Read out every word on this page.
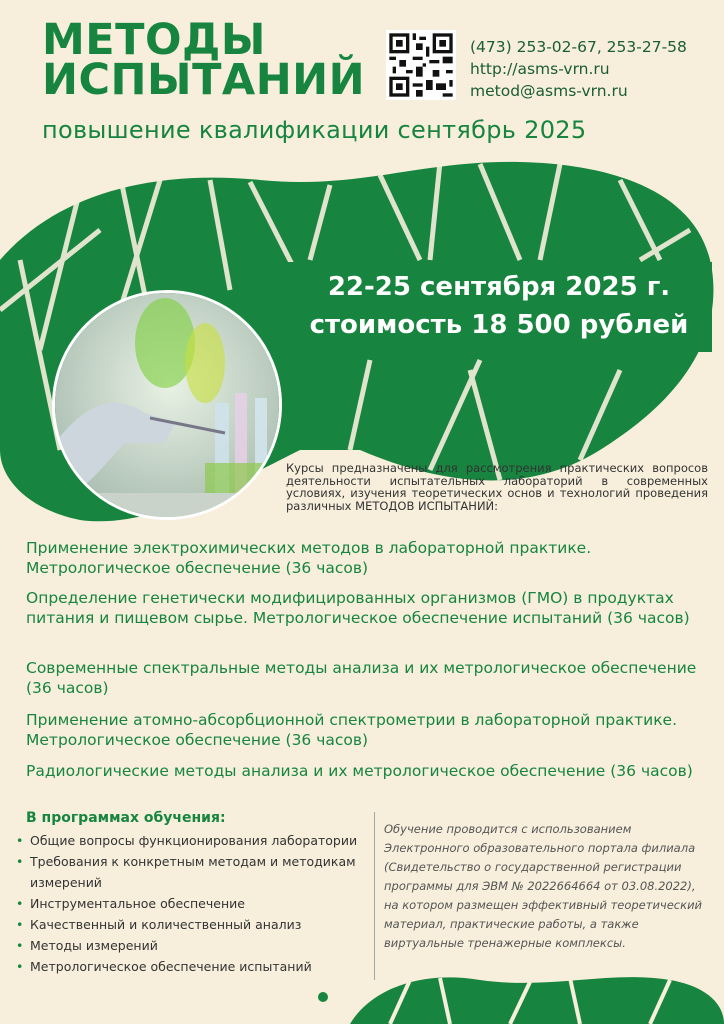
МЕТОДЫ
ИСПЫТАНИЙ
повышение квалификации сентябрь 2025
(473) 253-02-67, 253-27-58
http://asms-vrn.ru
metod@asms-vrn.ru
22-25 сентября 2025 г.
стоимость 18 500 рублей
Курсы предназначены для рассмотрения практических вопросов деятельности испытательных лабораторий в современных условиях, изучения теоретических основ и технологий проведения различных МЕТОДОВ ИСПЫТАНИЙ:
Применение электрохимических методов в лабораторной практике. Метрологическое обеспечение (36 часов)
Определение генетически модифицированных организмов (ГМО) в продуктах питания и пищевом сырье. Метрологическое обеспечение испытаний (36 часов)
Современные спектральные методы анализа и их метрологическое обеспечение (36 часов)
Применение атомно-абсорбционной спектрометрии в лабораторной практике. Метрологическое обеспечение (36 часов)
Радиологические методы анализа и их метрологическое обеспечение (36 часов)
В программах обучения:
• Общие вопросы функционирования лаборатории
• Требования к конкретным методам и методикам измерений
• Инструментальное обеспечение
• Качественный и количественный анализ
• Методы измерений
• Метрологическое обеспечение испытаний
Обучение проводится с использованием Электронного образовательного портала филиала (Свидетельство о государственной регистрации программы для ЭВМ № 2022664664 от 03.08.2022), на котором размещен эффективный теоретический материал, практические работы, а также виртуальные тренажерные комплексы.
